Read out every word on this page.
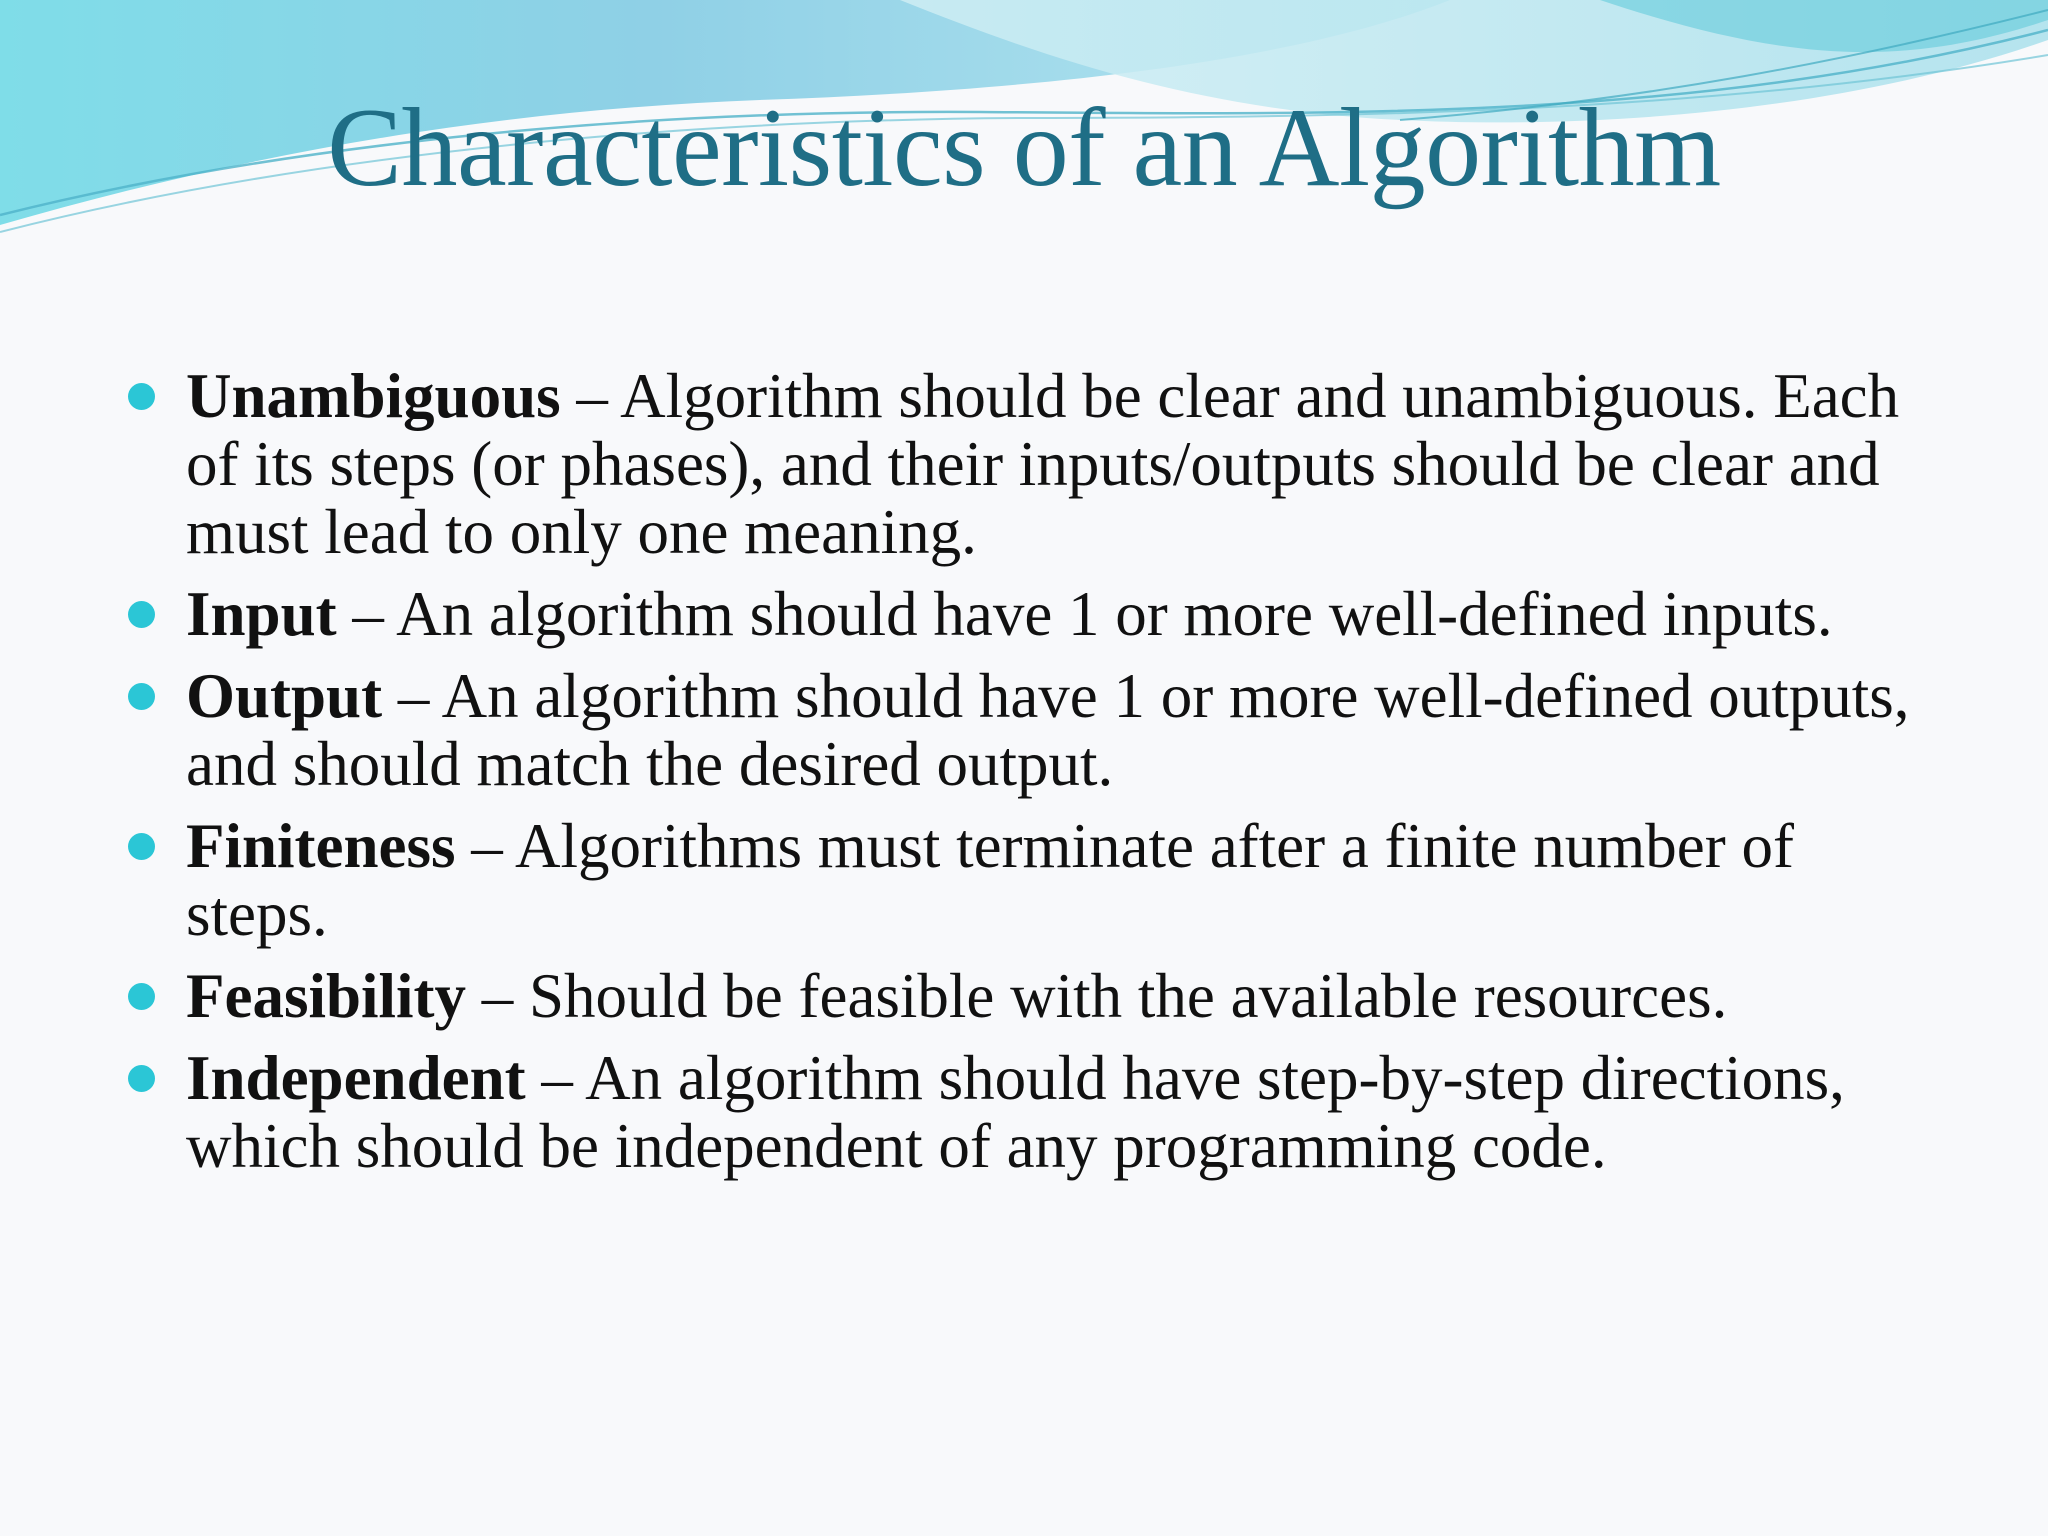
Characteristics of an Algorithm
Unambiguous – Algorithm should be clear and unambiguous. Each of its steps (or phases), and their inputs/outputs should be clear and must lead to only one meaning.
Input – An algorithm should have 1 or more well-defined inputs.
Output – An algorithm should have 1 or more well-defined outputs, and should match the desired output.
Finiteness – Algorithms must terminate after a finite number of steps.
Feasibility – Should be feasible with the available resources.
Independent – An algorithm should have step-by-step directions, which should be independent of any programming code.
